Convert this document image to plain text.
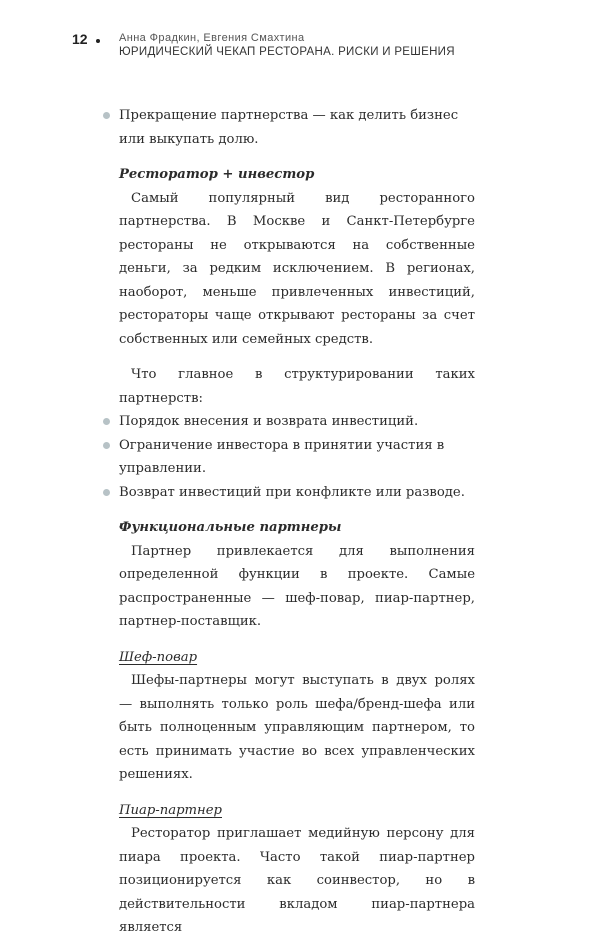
12	Анна Фрадкин, Евгения Смахтина
ЮРИДИЧЕСКИЙ ЧЕКАП РЕСТОРАНА. РИСКИ И РЕШЕНИЯ
Прекращение партнерства — как делить бизнес или выкупать долю.

Ресторатор + инвестор

Самый популярный вид ресторанного партнерства. В Москве и Санкт-Петербурге рестораны не открываются на собственные деньги, за редким исключением. В регионах, наоборот, меньше привлеченных инвестиций, рестораторы чаще открывают рестораны за счет собственных или семейных средств.

Что главное в структурировании таких партнерств:

Порядок внесения и возврата инвестиций.
Ограничение инвестора в принятии участия в управлении.
Возврат инвестиций при конфликте или разводе.

Функциональные партнеры

Партнер привлекается для выполнения определенной функции в проекте. Самые распространенные — шеф-повар, пиар-партнер, партнер-поставщик.

Шеф-повар

Шефы-партнеры могут выступать в двух ролях — выполнять только роль шефа/бренд-шефа или быть полноценным управляющим партнером, то есть принимать участие во всех управленческих решениях.

Пиар-партнер

Ресторатор приглашает медийную персону для пиара проекта. Часто такой пиар-партнер позиционируется как соинвестор, но в действительности вкладом пиар-партнера является
